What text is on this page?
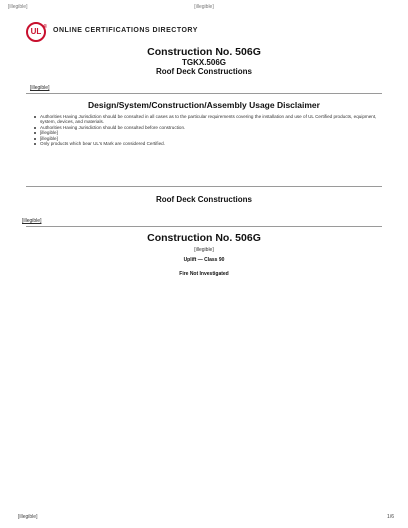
[illegible]	[illegible]
UL ® ONLINE CERTIFICATIONS DIRECTORY
Construction No. 506G
TGKX.506G
Roof Deck Constructions
[illegible]
Design/System/Construction/Assembly Usage Disclaimer
Authorities Having Jurisdiction should be consulted in all cases as to the particular requirements covering the installation and use of UL Certified products, equipment, system, devices, and materials.
Authorities Having Jurisdiction should be consulted before construction.
[illegible]
[illegible]
Only products which bear UL's Mark are considered Certified.
Roof Deck Constructions
[illegible]
Construction No. 506G
[illegible]
Uplift — Class 90
Fire Not Investigated
[illegible]	1/6
